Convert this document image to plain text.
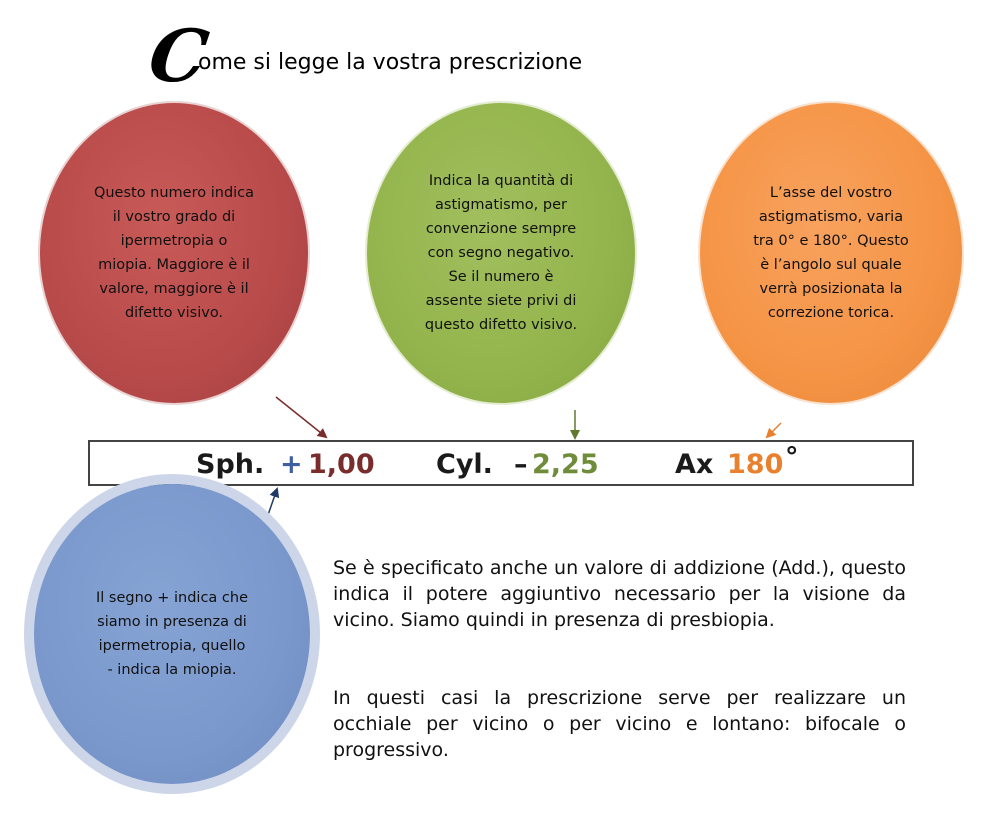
C
ome si legge la vostra prescrizione
Questo numero indica
il vostro grado di
ipermetropia o
miopia. Maggiore è il
valore, maggiore è il
difetto visivo.
Indica la quantità di
astigmatismo, per
convenzione sempre
con segno negativo.
Se il numero è
assente siete privi di
questo difetto visivo.
L’asse del vostro
astigmatismo, varia
tra 0° e 180°. Questo
è l’angolo sul quale
verrà posizionata la
correzione torica.
Sph. + 1,00 Cyl. – 2,25	Ax 180 °
Il segno + indica che
siamo in presenza di
ipermetropia, quello
- indica la miopia.
Se è specificato anche un valore di addizione (Add.), questo indica il potere aggiuntivo necessario per la visione da vicino. Siamo quindi in presenza di presbiopia.
In questi casi la prescrizione serve per realizzare un occhiale per vicino o per vicino e lontano: bifocale o progressivo.
